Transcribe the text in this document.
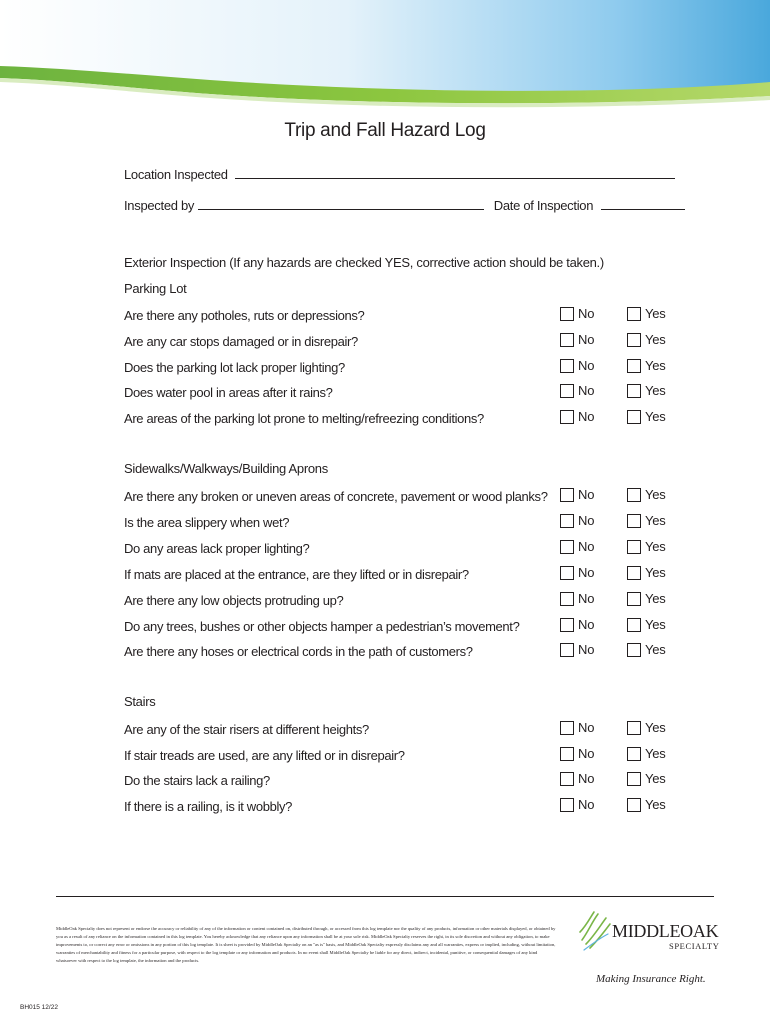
Trip and Fall Hazard Log
Location Inspected
Inspected by	Date of Inspection
Exterior Inspection (If any hazards are checked YES, corrective action should be taken.)
Parking Lot
Are there any potholes, ruts or depressions?	No	Yes
Are any car stops damaged or in disrepair?	No	Yes
Does the parking lot lack proper lighting?	No	Yes
Does water pool in areas after it rains?	No	Yes
Are areas of the parking lot prone to melting/refreezing conditions?	No	Yes
Sidewalks/Walkways/Building Aprons
Are there any broken or uneven areas of concrete, pavement or wood planks? No	Yes
Is the area slippery when wet?	No	Yes
Do any areas lack proper lighting?	No	Yes
If mats are placed at the entrance, are they lifted or in disrepair?	No	Yes
Are there any low objects protruding up?	No	Yes
Do any trees, bushes or other objects hamper a pedestrian’s movement?	No	Yes
Are there any hoses or electrical cords in the path of customers?	No	Yes
Stairs
Are any of the stair risers at different heights?	No	Yes
If stair treads are used, are any lifted or in disrepair?	No	Yes
Do the stairs lack a railing?	No	Yes
If there is a railing, is it wobbly?	No	Yes
MiddleOak Specialty does not represent or endorse the accuracy or reliability of any of the information or content contained on, distributed through, or accessed from this log template nor the quality of any products, information or other materials displayed, or obtained by you as a result of any reliance on the information contained in this log template. You hereby acknowledge that any reliance upon any information shall be at your sole risk. MiddleOak Specialty reserves the right, in its sole discretion and without any obligation, to make improvements to, or correct any error or omissions in any portion of this log template. It is sheet is provided by MiddleOak Specialty on an "as is" basis, and MiddleOak Specialty expressly disclaims any and all warranties, express or implied, including, without limitation, warranties of merchantability and fitness for a particular purpose, with respect to the log template or any information and products. In no event shall MiddleOak Specialty be liable for any direct, indirect, incidental, punitive, or consequential damages of any kind whatsoever with respect to the log template, the information and the products.
MIDDLEOAK
SPECIALTY
Making Insurance Right.
BH015 12/22
